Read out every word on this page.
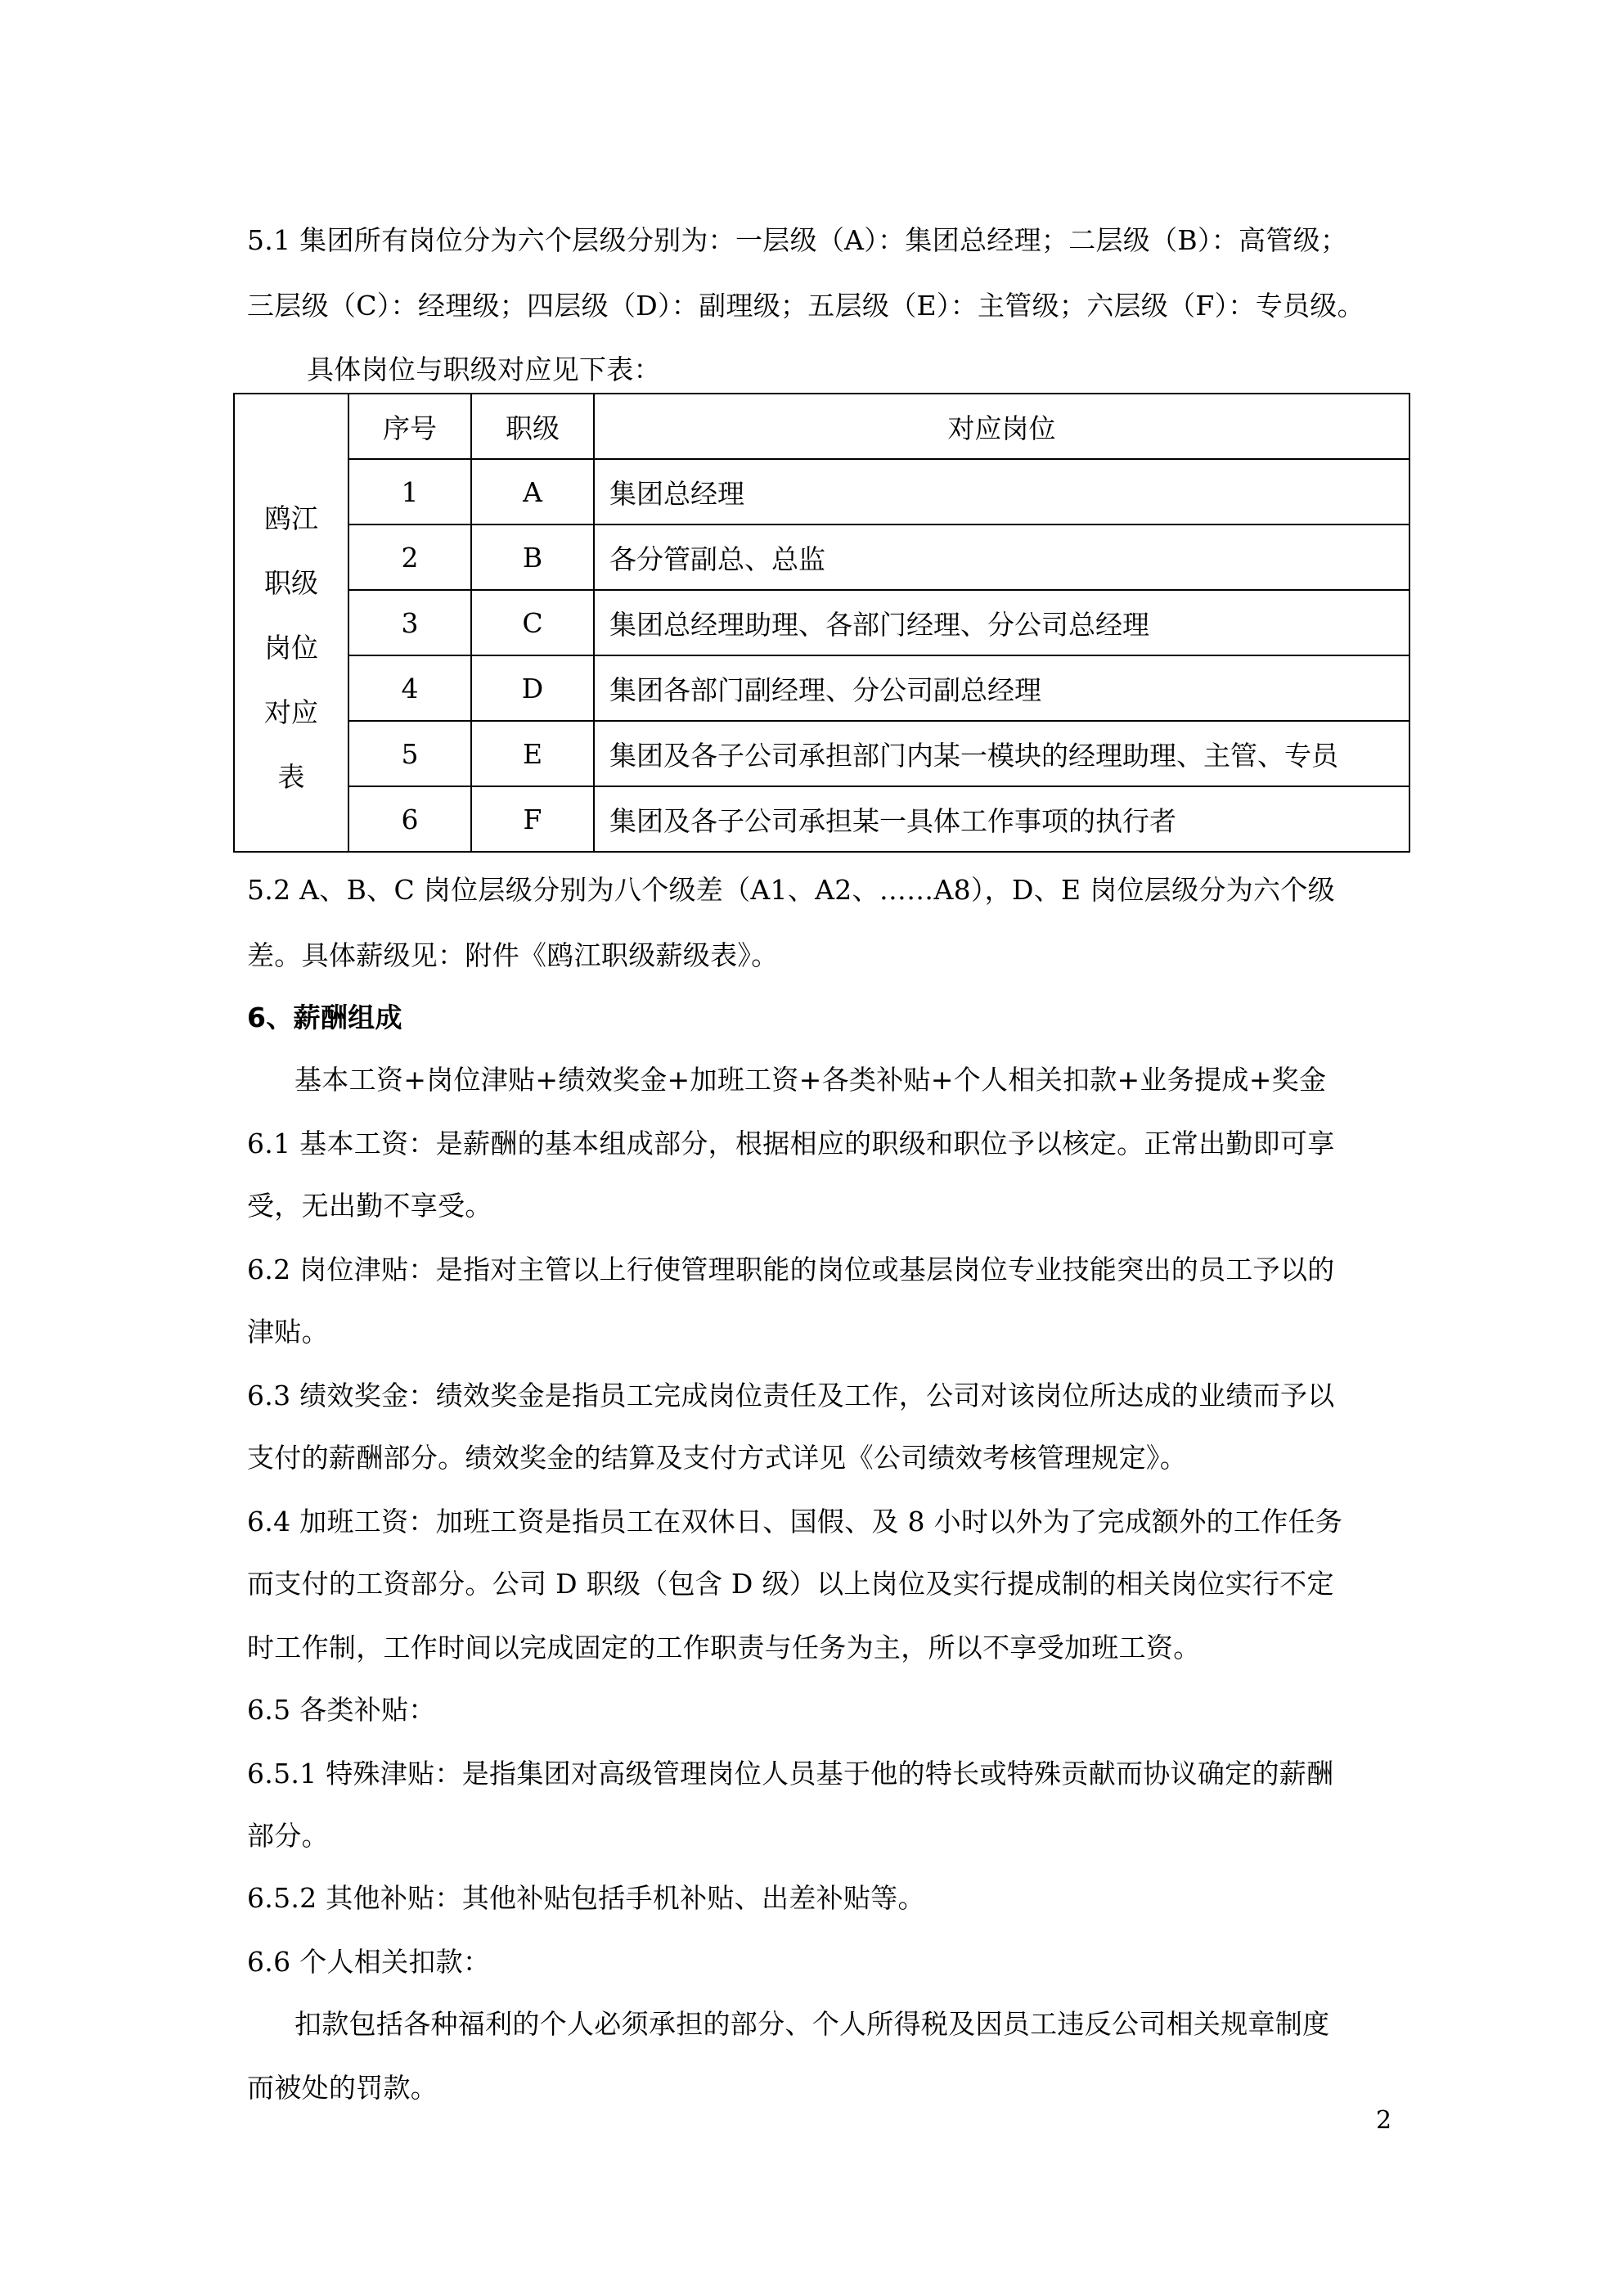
5.1 集团所有岗位分为六个层级分别为：一层级（A）：集团总经理；二层级（B）：高管级；
三层级（C）：经理级；四层级（D）：副理级；五层级（E）：主管级；六层级（F）：专员级。
具体岗位与职级对应见下表：
鸥江
职级
岗位
对应
表	序号	职级	对应岗位
	1	A	集团总经理
	2	B	各分管副总、总监
	3	C	集团总经理助理、各部门经理、分公司总经理
	4	D	集团各部门副经理、分公司副总经理
	5	E	集团及各子公司承担部门内某一模块的经理助理、主管、专员
	6	F	集团及各子公司承担某一具体工作事项的执行者
5.2 A、B、C 岗位层级分别为八个级差（A1、A2、……A8），D、E 岗位层级分为六个级
差。具体薪级见：附件《鸥江职级薪级表》。
6、薪酬组成
基本工资+岗位津贴+绩效奖金+加班工资+各类补贴+个人相关扣款+业务提成+奖金
6.1 基本工资：是薪酬的基本组成部分，根据相应的职级和职位予以核定。正常出勤即可享
受，无出勤不享受。
6.2 岗位津贴：是指对主管以上行使管理职能的岗位或基层岗位专业技能突出的员工予以的
津贴。
6.3 绩效奖金：绩效奖金是指员工完成岗位责任及工作，公司对该岗位所达成的业绩而予以
支付的薪酬部分。绩效奖金的结算及支付方式详见《公司绩效考核管理规定》。
6.4 加班工资：加班工资是指员工在双休日、国假、及 8 小时以外为了完成额外的工作任务
而支付的工资部分。公司 D 职级（包含 D 级）以上岗位及实行提成制的相关岗位实行不定
时工作制，工作时间以完成固定的工作职责与任务为主，所以不享受加班工资。
6.5 各类补贴：
6.5.1 特殊津贴：是指集团对高级管理岗位人员基于他的特长或特殊贡献而协议确定的薪酬
部分。
6.5.2 其他补贴：其他补贴包括手机补贴、出差补贴等。
6.6 个人相关扣款：
扣款包括各种福利的个人必须承担的部分、个人所得税及因员工违反公司相关规章制度
而被处的罚款。
2
